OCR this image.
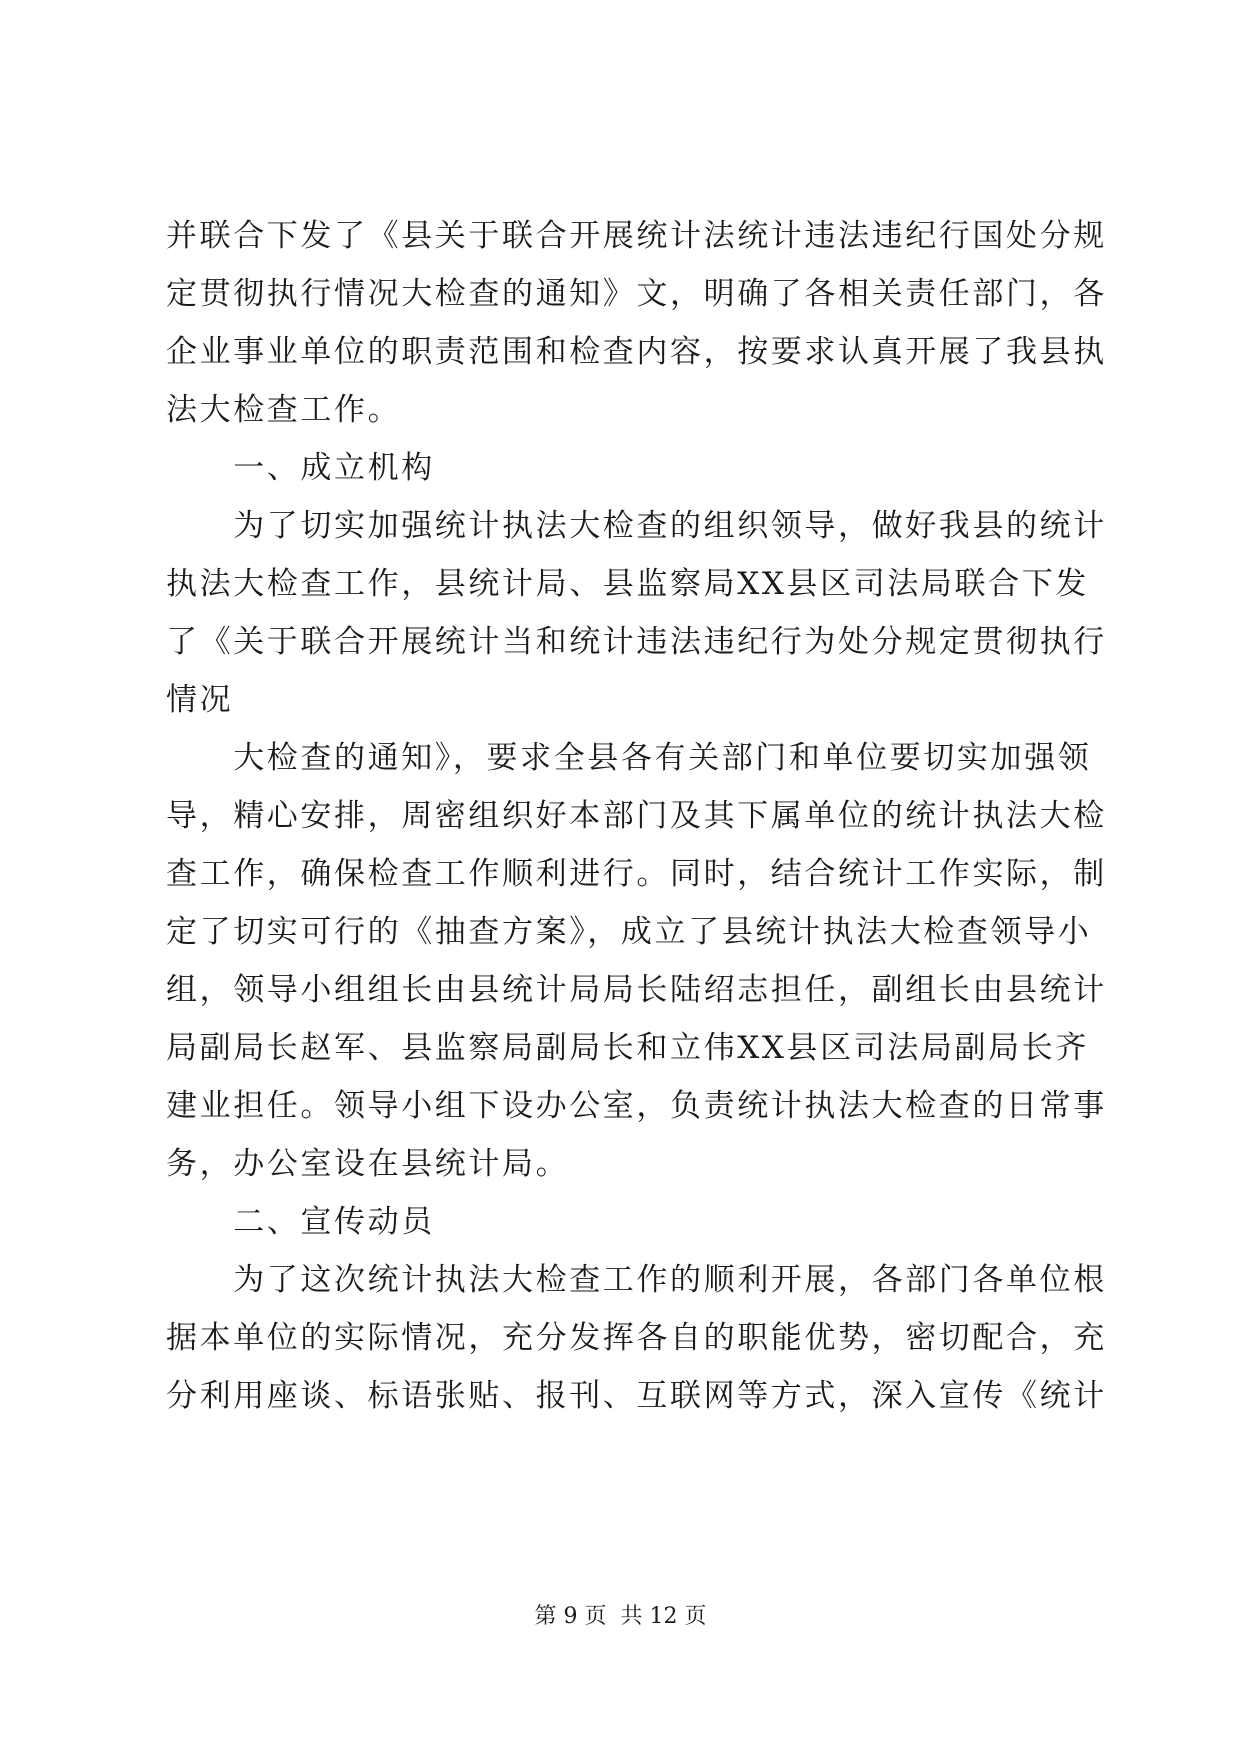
并联合下发了《县关于联合开展统计法统计违法违纪行国处分规
定贯彻执行情况大检查的通知》文，明确了各相关责任部门，各
企业事业单位的职责范围和检查内容，按要求认真开展了我县执
法大检查工作。
　　一、成立机构
　　为了切实加强统计执法大检查的组织领导，做好我县的统计
执法大检查工作，县统计局、县监察局XX县区司法局联合下发
了《关于联合开展统计当和统计违法违纪行为处分规定贯彻执行
情况
　　大检查的通知》，要求全县各有关部门和单位要切实加强领
导，精心安排，周密组织好本部门及其下属单位的统计执法大检
查工作，确保检查工作顺利进行。同时，结合统计工作实际，制
定了切实可行的《抽查方案》，成立了县统计执法大检查领导小
组，领导小组组长由县统计局局长陆绍志担任，副组长由县统计
局副局长赵军、县监察局副局长和立伟XX县区司法局副局长齐
建业担任。领导小组下设办公室，负责统计执法大检查的日常事
务，办公室设在县统计局。
　　二、宣传动员
　　为了这次统计执法大检查工作的顺利开展，各部门各单位根
据本单位的实际情况，充分发挥各自的职能优势，密切配合，充
分利用座谈、标语张贴、报刊、互联网等方式，深入宣传《统计
第 9 页  共 12 页
